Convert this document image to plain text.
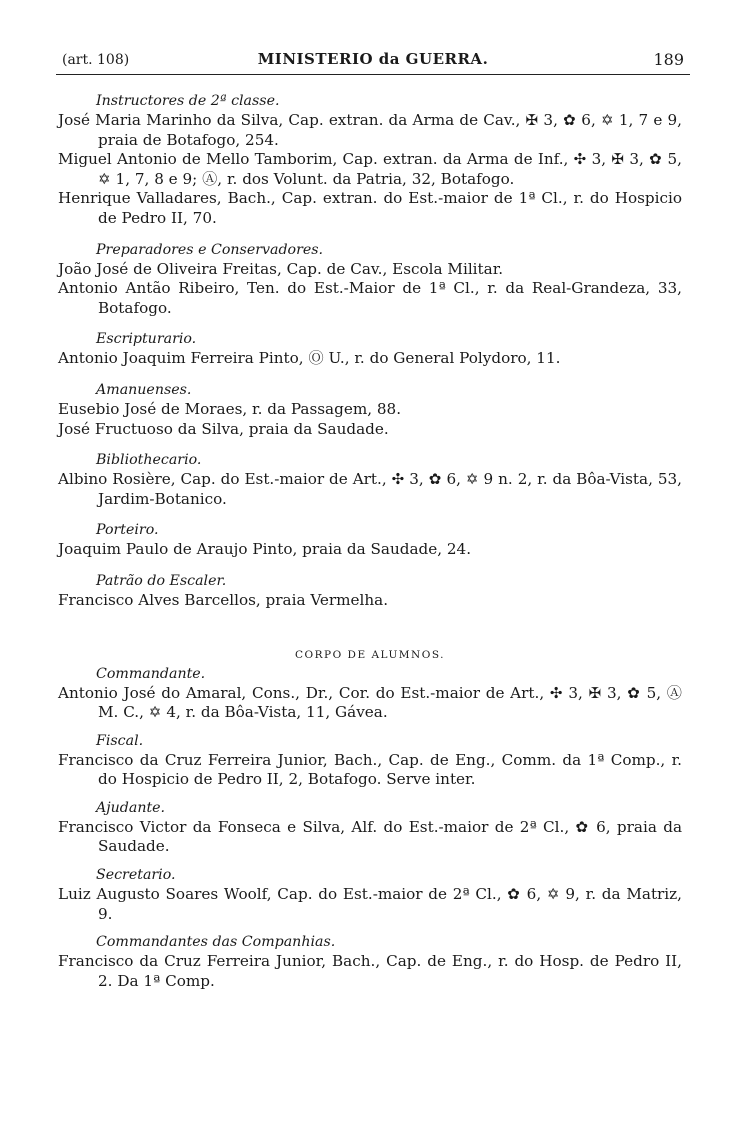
(art. 108)	MINISTERIO da GUERRA.	189
Instructores de 2ª classe.
José Maria Marinho da Silva, Cap. extran. da Arma de Cav., ✠ 3, ✿ 6, ✡ 1, 7 e 9, praia de Botafogo, 254.
Miguel Antonio de Mello Tamborim, Cap. extran. da Arma de Inf., ✣ 3, ✠ 3, ✿ 5, ✡ 1, 7, 8 e 9; Ⓐ, r. dos Volunt. da Patria, 32, Botafogo.
Henrique Valladares, Bach., Cap. extran. do Est.-maior de 1ª Cl., r. do Hospicio de Pedro II, 70.
Preparadores e Conservadores.
João José de Oliveira Freitas, Cap. de Cav., Escola Militar.
Antonio Antão Ribeiro, Ten. do Est.-Maior de 1ª Cl., r. da Real-Grandeza, 33, Botafogo.
Escripturario.
Antonio Joaquim Ferreira Pinto, Ⓞ U., r. do General Polydoro, 11.
Amanuenses.
Eusebio José de Moraes, r. da Passagem, 88.
José Fructuoso da Silva, praia da Saudade.
Bibliothecario.
Albino Rosière, Cap. do Est.-maior de Art., ✣ 3, ✿ 6, ✡ 9 n. 2, r. da Bôa-Vista, 53, Jardim-Botanico.
Porteiro.
Joaquim Paulo de Araujo Pinto, praia da Saudade, 24.
Patrão do Escaler.
Francisco Alves Barcellos, praia Vermelha.
CORPO DE ALUMNOS.
Commandante.
Antonio José do Amaral, Cons., Dr., Cor. do Est.-maior de Art., ✣ 3, ✠ 3, ✿ 5, Ⓐ M. C., ✡ 4, r. da Bôa-Vista, 11, Gávea.
Fiscal.
Francisco da Cruz Ferreira Junior, Bach., Cap. de Eng., Comm. da 1ª Comp., r. do Hospicio de Pedro II, 2, Botafogo. Serve inter.
Ajudante.
Francisco Victor da Fonseca e Silva, Alf. do Est.-maior de 2ª Cl., ✿ 6, praia da Saudade.
Secretario.
Luiz Augusto Soares Woolf, Cap. do Est.-maior de 2ª Cl., ✿ 6, ✡ 9, r. da Matriz, 9.
Commandantes das Companhias.
Francisco da Cruz Ferreira Junior, Bach., Cap. de Eng., r. do Hosp. de Pedro II, 2. Da 1ª Comp.
